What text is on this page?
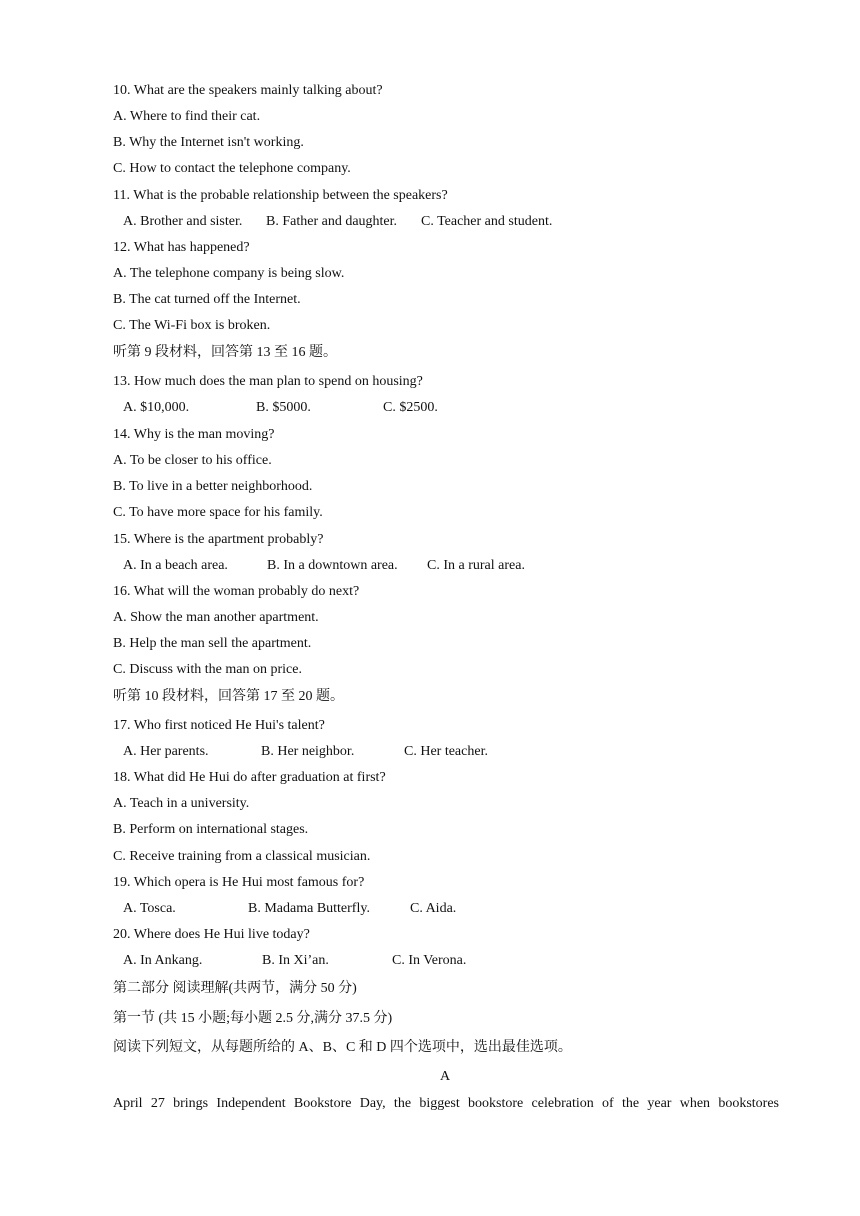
10. What are the speakers mainly talking about?
A. Where to find their cat.
B. Why the Internet isn't working.
C. How to contact the telephone company.
11. What is the probable relationship between the speakers?
A. Brother and sister. B. Father and daughter. C. Teacher and student.
12. What has happened?
A. The telephone company is being slow.
B. The cat turned off the Internet.
C. The Wi-Fi box is broken.
听第 9 段材料，回答第 13 至 16 题。
13. How much does the man plan to spend on housing?
A. $10,000.	B. $5000.	C. $2500.
14. Why is the man moving?
A. To be closer to his office.
B. To live in a better neighborhood.
C. To have more space for his family.
15. Where is the apartment probably?
A. In a beach area.	B. In a downtown area. C. In a rural area.
16. What will the woman probably do next?
A. Show the man another apartment.
B. Help the man sell the apartment.
C. Discuss with the man on price.
听第 10 段材料，回答第 17 至 20 题。
17. Who first noticed He Hui's talent?
A. Her parents.	B. Her neighbor.	C. Her teacher.
18. What did He Hui do after graduation at first?
A. Teach in a university.
B. Perform on international stages.
C. Receive training from a classical musician.
19. Which opera is He Hui most famous for?
A. Tosca.	B. Madama Butterfly.	C. Aida.
20. Where does He Hui live today?
A. In Ankang.	B. In Xi’an.	C. In Verona.
第二部分 阅读理解(共两节，满分 50 分)
第一节 (共 15 小题;每小题 2.5 分,满分 37.5 分)
阅读下列短文，从每题所给的 A、B、C 和 D 四个选项中，选出最佳选项。
A
April 27 brings Independent Bookstore Day, the biggest bookstore celebration of the year when bookstores
